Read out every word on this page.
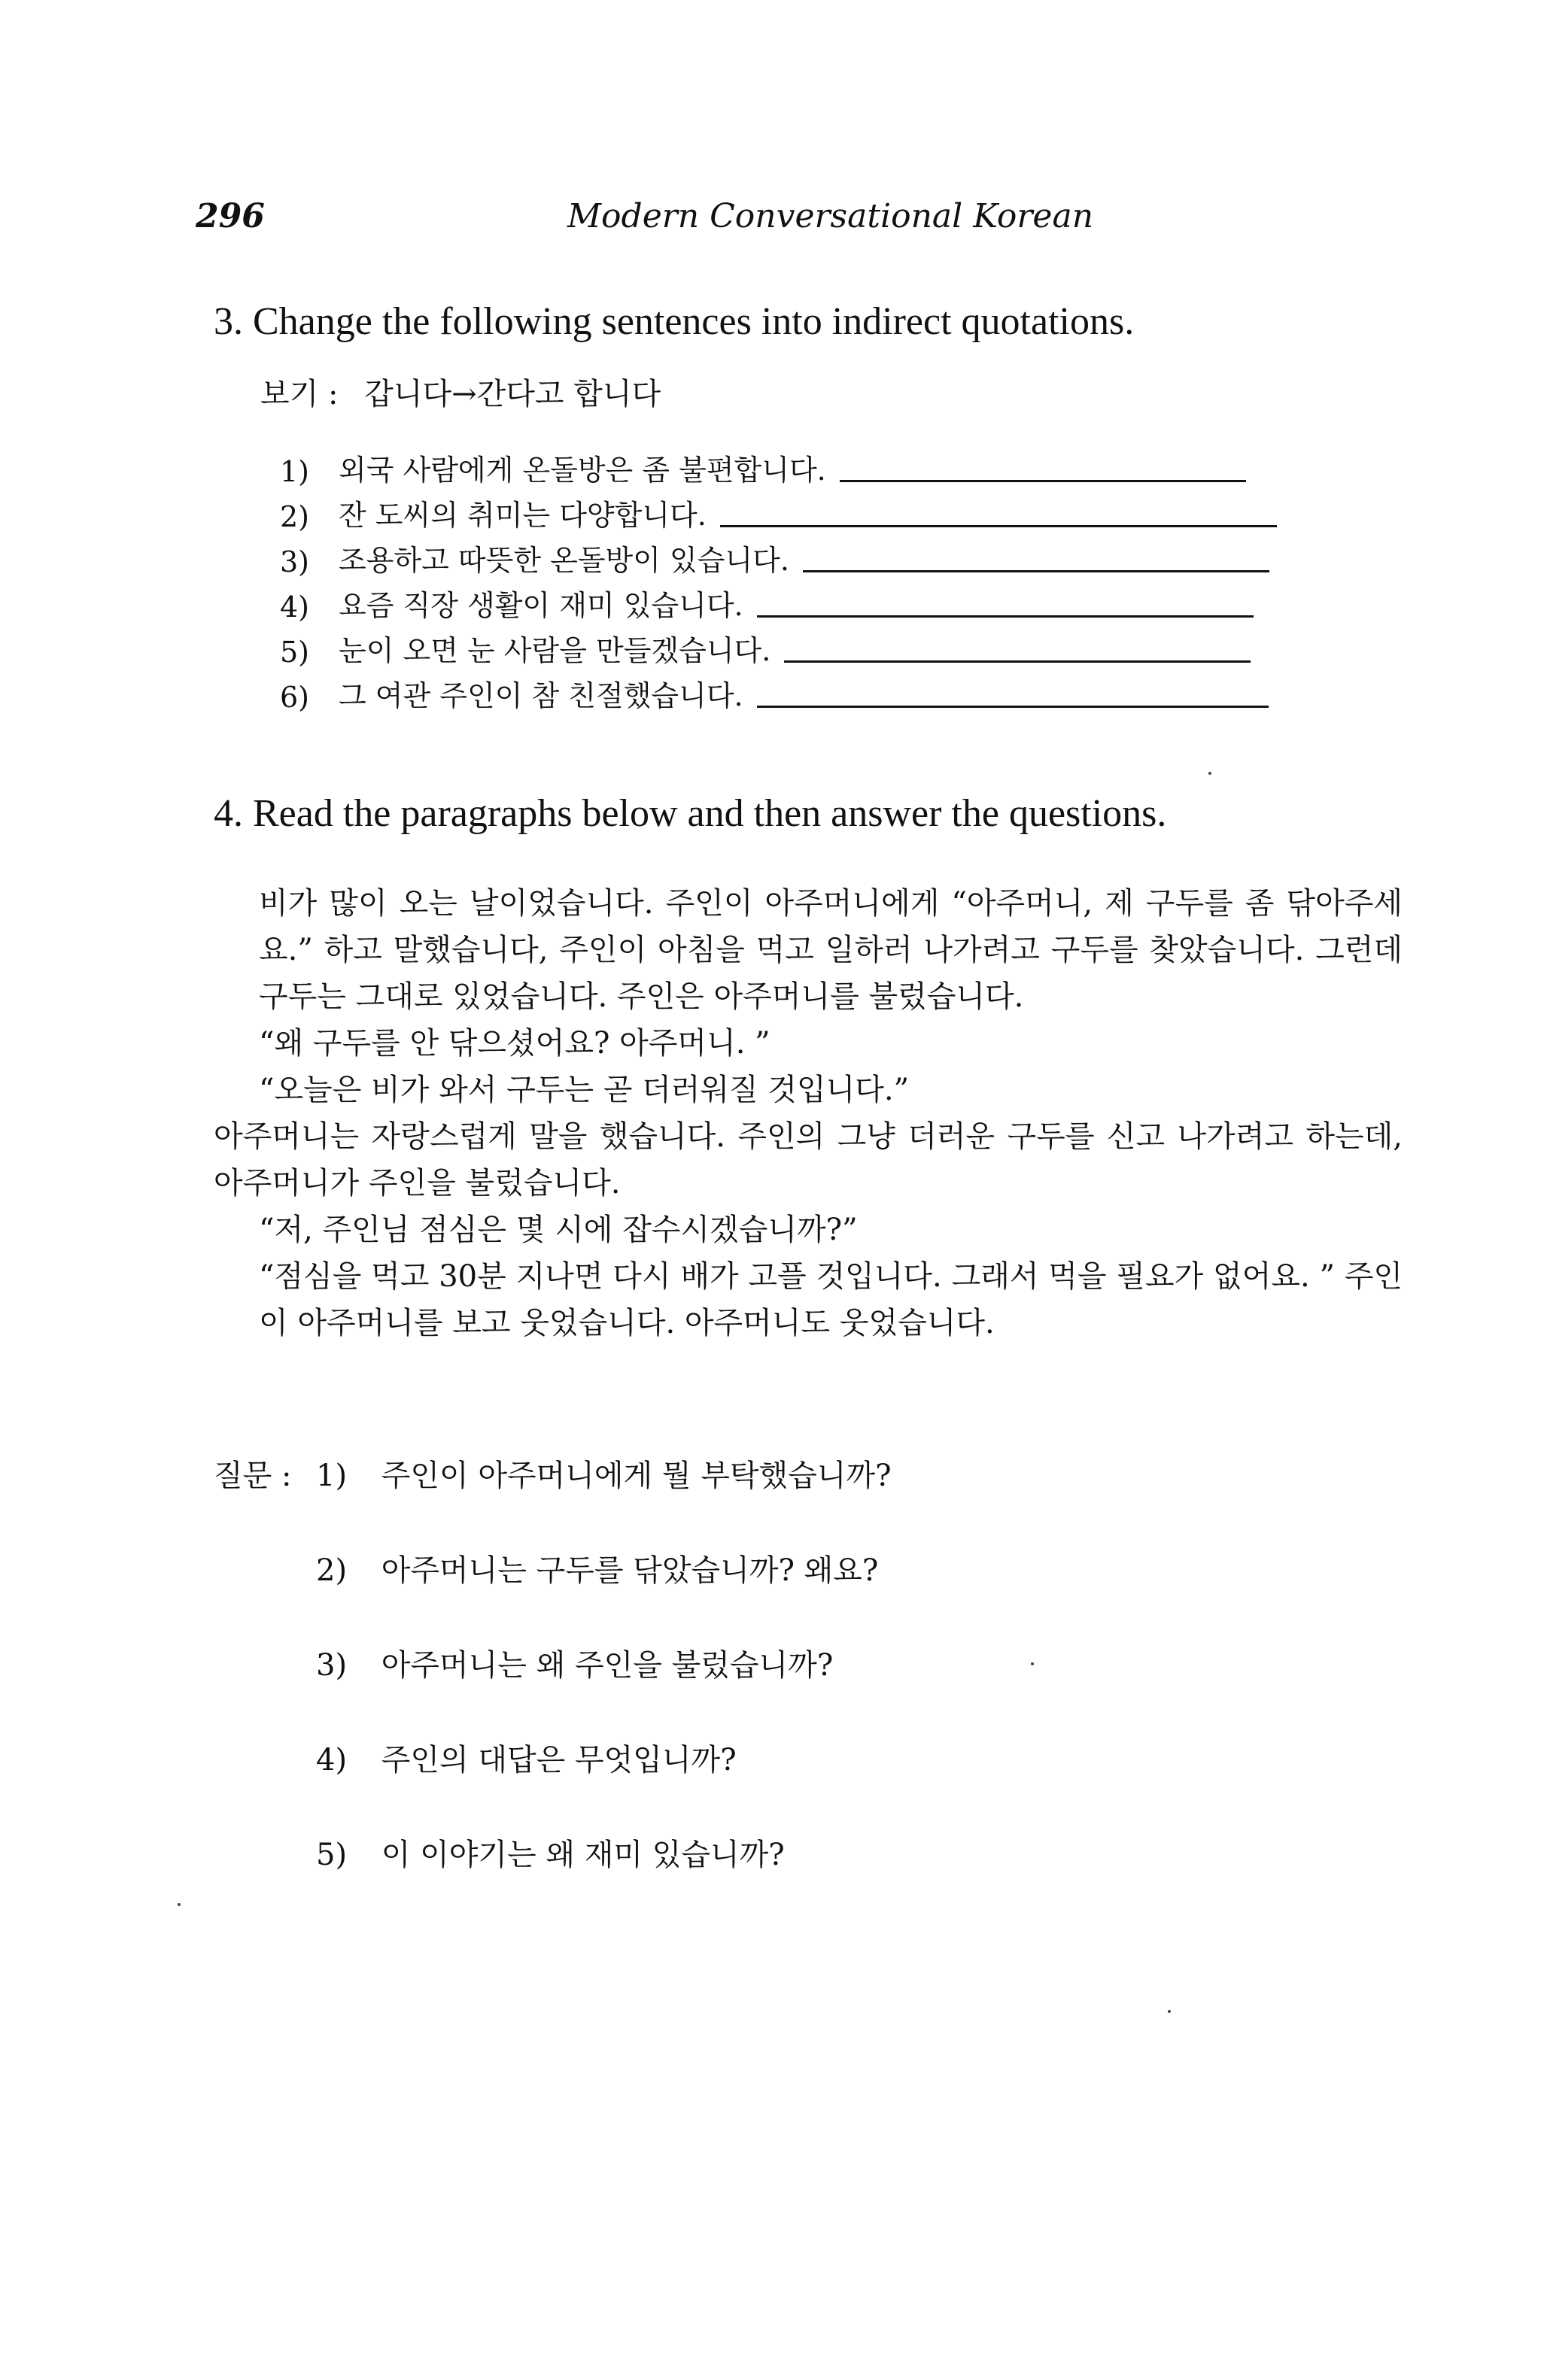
296	Modern Conversational Korean
3. Change the following sentences into indirect quotations.
보기 : 갑니다→간다고 합니다
1)	외국 사람에게 온돌방은 좀 불편합니다.
2)	잔 도씨의 취미는 다양합니다.
3)	조용하고 따뜻한 온돌방이 있습니다.
4)	요즘 직장 생활이 재미 있습니다.
5)	눈이 오면 눈 사람을 만들겠습니다.
6)	그 여관 주인이 참 친절했습니다.
4. Read the paragraphs below and then answer the questions.

비가 많이 오는 날이었습니다. 주인이 아주머니에게 “아주머니, 제 구두를 좀 닦아주세요.” 하고 말했습니다, 주인이 아침을 먹고 일하러 나가려고 구두를 찾았습니다. 그런데 구두는 그대로 있었습니다. 주인은 아주머니를 불렀습니다.

“왜 구두를 안 닦으셨어요? 아주머니. ”

“오늘은 비가 와서 구두는 곧 더러워질 것입니다.”

아주머니는 자랑스럽게 말을 했습니다. 주인의 그냥 더러운 구두를 신고 나가려고 하는데, 아주머니가 주인을 불렀습니다.

“저, 주인님 점심은 몇 시에 잡수시겠습니까?”

“점심을 먹고 30분 지나면 다시 배가 고플 것입니다. 그래서 먹을 필요가 없어요. ” 주인이 아주머니를 보고 웃었습니다. 아주머니도 웃었습니다.

질문 : 1) 주인이 아주머니에게 뭘 부탁했습니까?
2) 아주머니는 구두를 닦았습니까? 왜요?
3) 아주머니는 왜 주인을 불렀습니까?
4) 주인의 대답은 무엇입니까?
5) 이 이야기는 왜 재미 있습니까?
